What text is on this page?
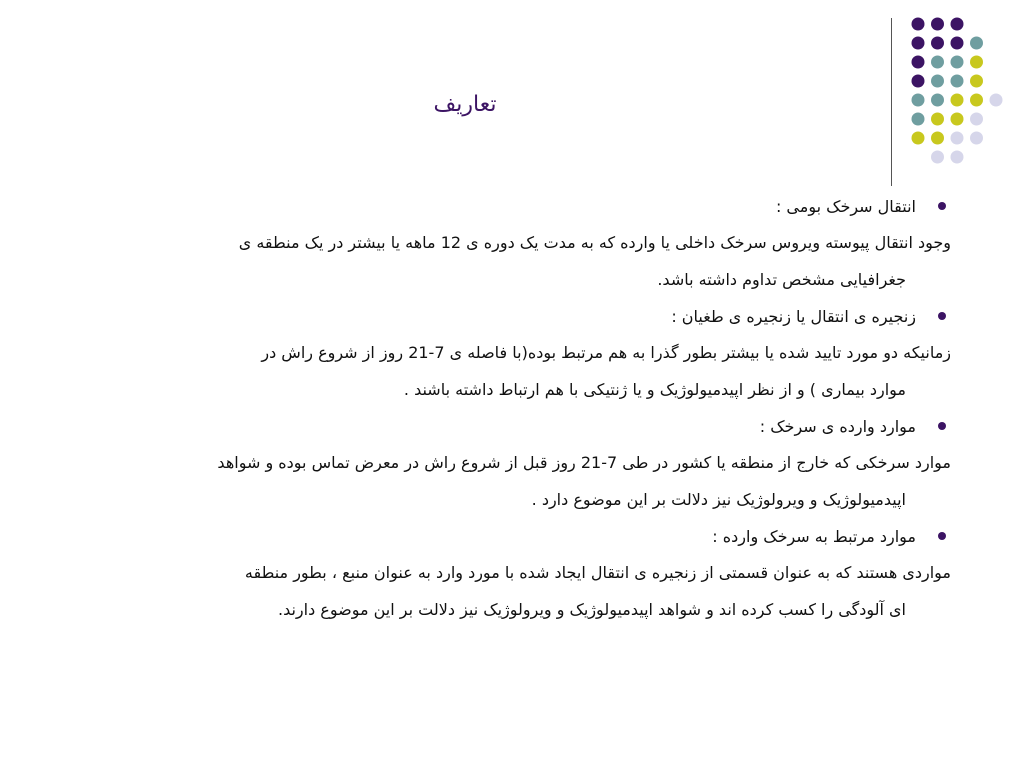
تعاریف
انتقال سرخک بومی :

وجود انتقال پیوسته ویروس سرخک داخلی یا وارده که به مدت یک دوره ی 12 ماهه یا بیشتر در یک منطقه ی
جغرافیایی مشخص تداوم داشته باشد.

زنجیره ی انتقال یا زنجیره ی طغیان :

زمانیکه دو مورد تایید شده یا بیشتر بطور گذرا به هم مرتبط بوده(با فاصله ی 7-21 روز از شروع راش در
موارد بیماری ) و از نظر اپیدمیولوژیک و یا ژنتیکی با هم ارتباط داشته باشند .

موارد وارده ی سرخک :

موارد سرخکی که خارج از منطقه یا کشور در طی 7-21 روز قبل از شروع راش در معرض تماس بوده و شواهد
اپیدمیولوژیک و ویرولوژیک نیز دلالت بر این موضوع دارد .

موارد مرتبط به سرخک وارده :

مواردی هستند که به عنوان قسمتی از زنجیره ی انتقال ایجاد شده با مورد وارد به عنوان منبع ، بطور منطقه
ای آلودگی را کسب کرده اند و شواهد اپیدمیولوژیک و ویرولوژیک نیز دلالت بر این موضوع دارند.
